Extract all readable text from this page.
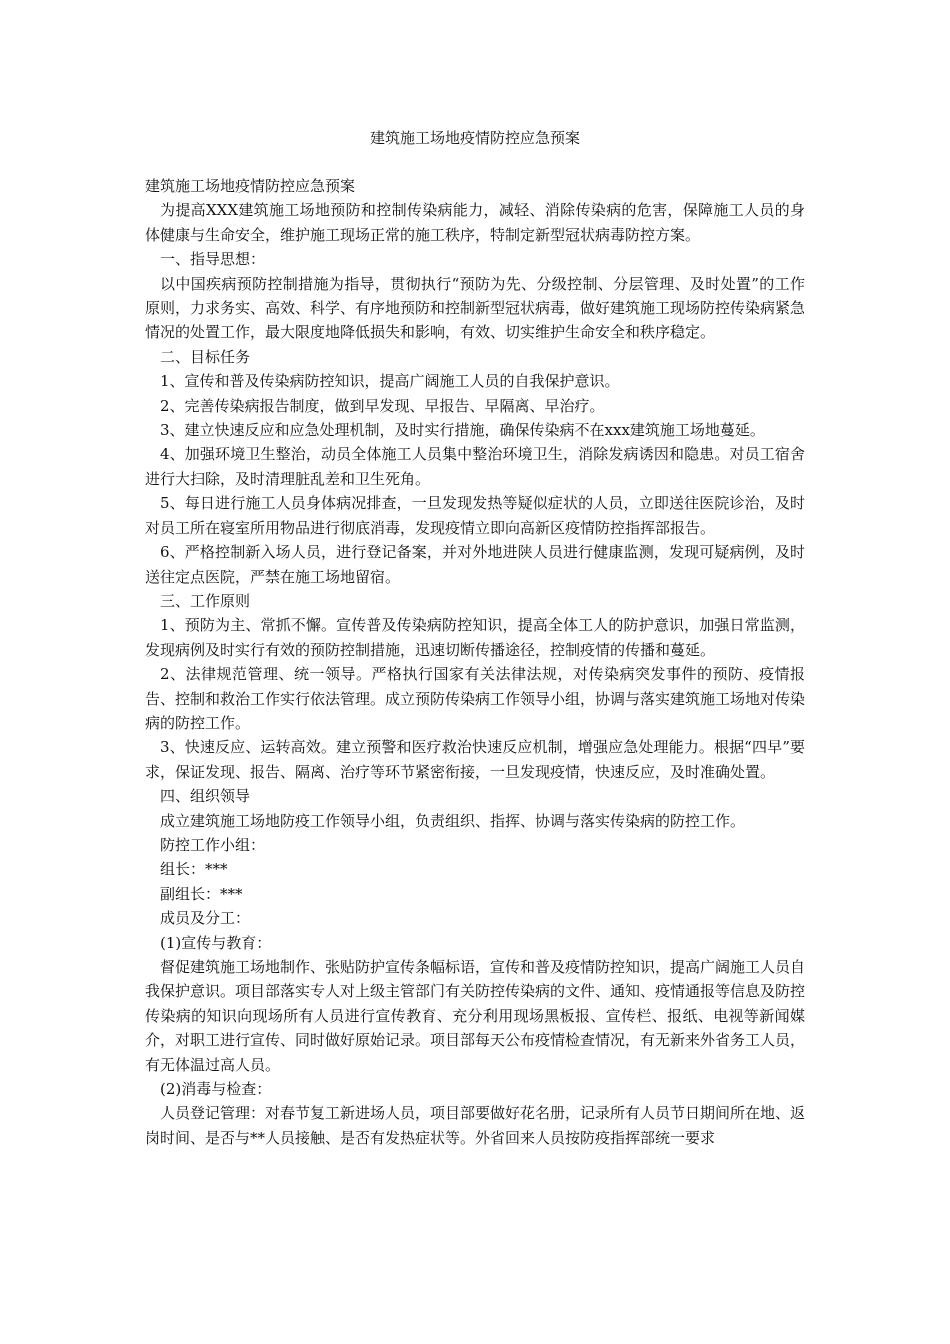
建筑施工场地疫情防控应急预案

建筑施工场地疫情防控应急预案

为提高XXX建筑施工场地预防和控制传染病能力，减轻、消除传染病的危害，保障施工人员的身体健康与生命安全，维护施工现场正常的施工秩序，特制定新型冠状病毒防控方案。

一、指导思想：

以中国疾病预防控制措施为指导，贯彻执行“预防为先、分级控制、分层管理、及时处置”的工作原则，力求务实、高效、科学、有序地预防和控制新型冠状病毒，做好建筑施工现场防控传染病紧急情况的处置工作，最大限度地降低损失和影响，有效、切实维护生命安全和秩序稳定。

二、目标任务

1、宣传和普及传染病防控知识，提高广阔施工人员的自我保护意识。

2、完善传染病报告制度，做到早发现、早报告、早隔离、早治疗。

3、建立快速反应和应急处理机制，及时实行措施，确保传染病不在xxx建筑施工场地蔓延。

4、加强环境卫生整治，动员全体施工人员集中整治环境卫生，消除发病诱因和隐患。对员工宿舍进行大扫除，及时清理脏乱差和卫生死角。

5、每日进行施工人员身体病况排查，一旦发现发热等疑似症状的人员，立即送往医院诊治，及时对员工所在寝室所用物品进行彻底消毒，发现疫情立即向高新区疫情防控指挥部报告。

6、严格控制新入场人员，进行登记备案，并对外地进陕人员进行健康监测，发现可疑病例，及时送往定点医院，严禁在施工场地留宿。

三、工作原则

1、预防为主、常抓不懈。宣传普及传染病防控知识，提高全体工人的防护意识，加强日常监测，发现病例及时实行有效的预防控制措施，迅速切断传播途径，控制疫情的传播和蔓延。

2、法律规范管理、统一领导。严格执行国家有关法律法规，对传染病突发事件的预防、疫情报告、控制和救治工作实行依法管理。成立预防传染病工作领导小组，协调与落实建筑施工场地对传染病的防控工作。

3、快速反应、运转高效。建立预警和医疗救治快速反应机制，增强应急处理能力。根据“四早”要求，保证发现、报告、隔离、治疗等环节紧密衔接，一旦发现疫情，快速反应，及时准确处置。

四、组织领导

成立建筑施工场地防疫工作领导小组，负责组织、指挥、协调与落实传染病的防控工作。

防控工作小组：

组长：***

副组长：***

成员及分工：

(1)宣传与教育：

督促建筑施工场地制作、张贴防护宣传条幅标语，宣传和普及疫情防控知识，提高广阔施工人员自我保护意识。项目部落实专人对上级主管部门有关防控传染病的文件、通知、疫情通报等信息及防控传染病的知识向现场所有人员进行宣传教育、充分利用现场黑板报、宣传栏、报纸、电视等新闻媒介，对职工进行宣传、同时做好原始记录。项目部每天公布疫情检查情况，有无新来外省务工人员，有无体温过高人员。

(2)消毒与检查：

人员登记管理：对春节复工新进场人员，项目部要做好花名册，记录所有人员节日期间所在地、返岗时间、是否与**人员接触、是否有发热症状等。外省回来人员按防疫指挥部统一要求
